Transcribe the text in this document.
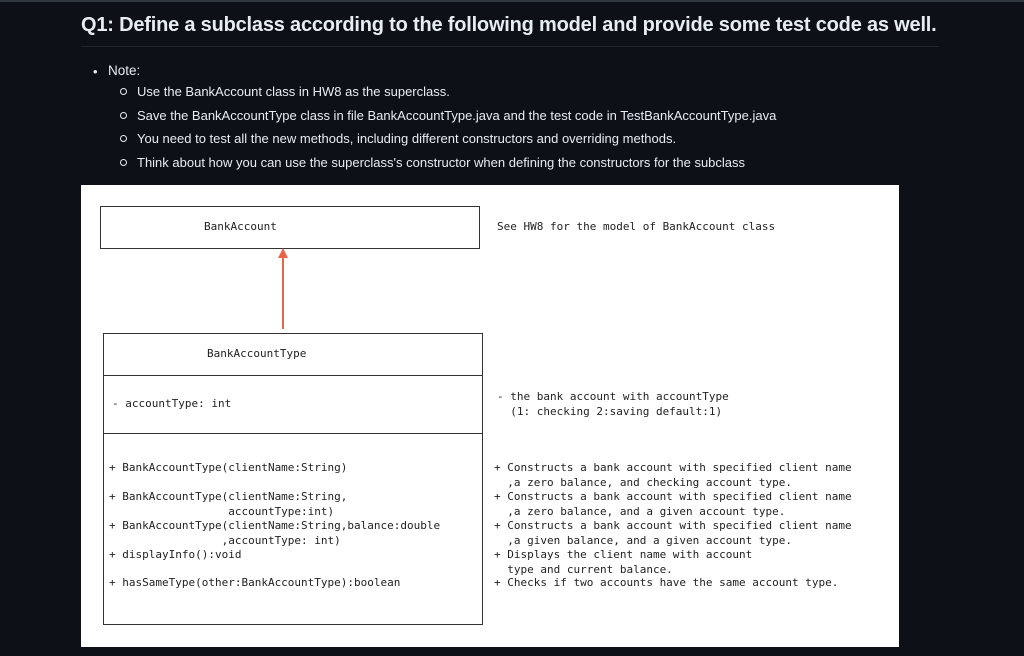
Q1: Define a subclass according to the following model and provide some test code as well.
• Note:
Use the BankAccount class in HW8 as the superclass.
Save the BankAccountType class in file BankAccountType.java and the test code in TestBankAccountType.java
You need to test all the new methods, including different constructors and overriding methods.
Think about how you can use the superclass's constructor when defining the constructors for the subclass
BankAccount	See HW8 for the model of BankAccount class
BankAccountType
- accountType: int
- the bank account with accountType
(1: checking 2:saving default:1)
+ BankAccountType(clientName:String)
+ BankAccountType(clientName:String,
accountType:int)
+ BankAccountType(clientName:String,balance:double
,accountType: int)
+ displayInfo():void
+ hasSameType(other:BankAccountType):boolean
+ Constructs a bank account with specified client name
,a zero balance, and checking account type.
+ Constructs a bank account with specified client name
,a zero balance, and a given account type.
+ Constructs a bank account with specified client name
,a given balance, and a given account type.
+ Displays the client name with account
type and current balance.
+ Checks if two accounts have the same account type.
